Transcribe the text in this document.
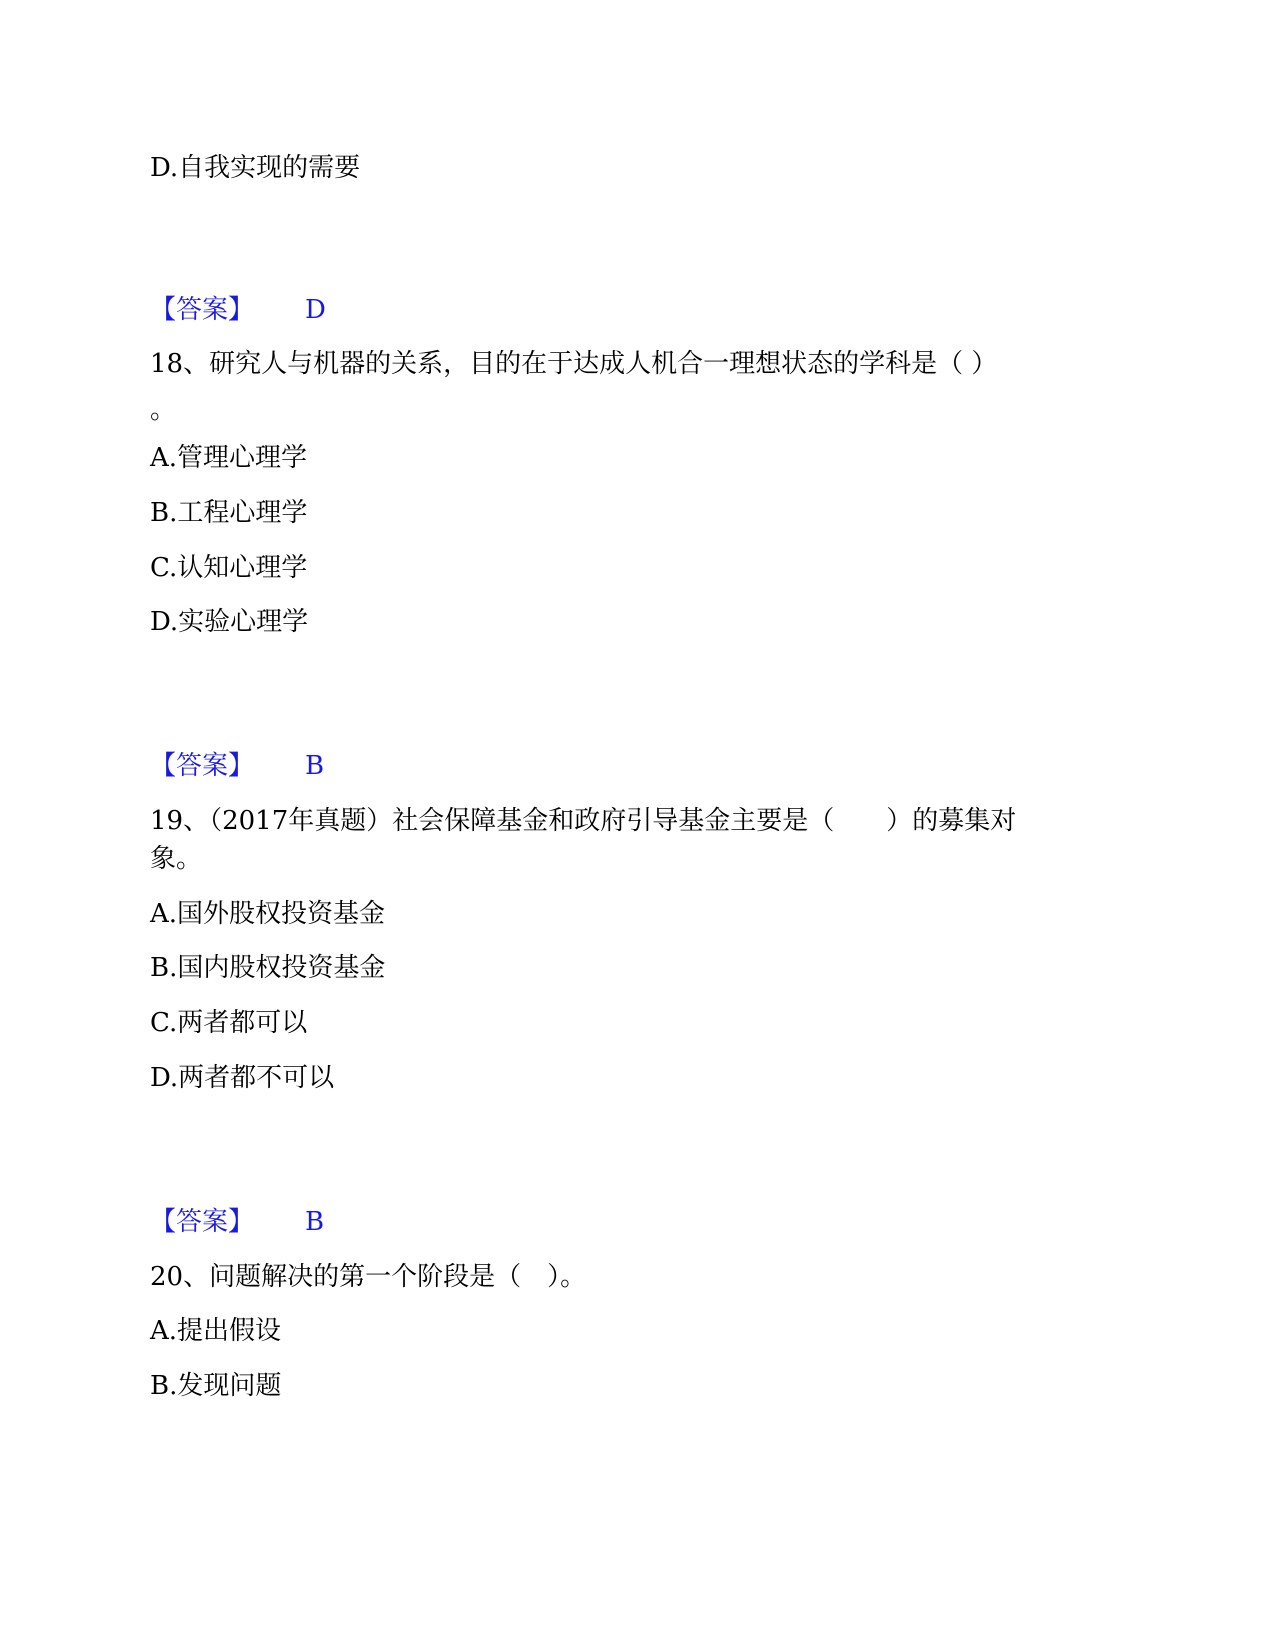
D.自我实现的需要
【答案】 D
18、研究人与机器的关系，目的在于达成人机合一理想状态的学科是（ ）
。
A.管理心理学
B.工程心理学
C.认知心理学
D.实验心理学
【答案】 B
19、（2017年真题）社会保障基金和政府引导基金主要是（　　）的募集对
象。
A.国外股权投资基金
B.国内股权投资基金
C.两者都可以
D.两者都不可以
【答案】 B
20、问题解决的第一个阶段是（　）。
A.提出假设
B.发现问题
